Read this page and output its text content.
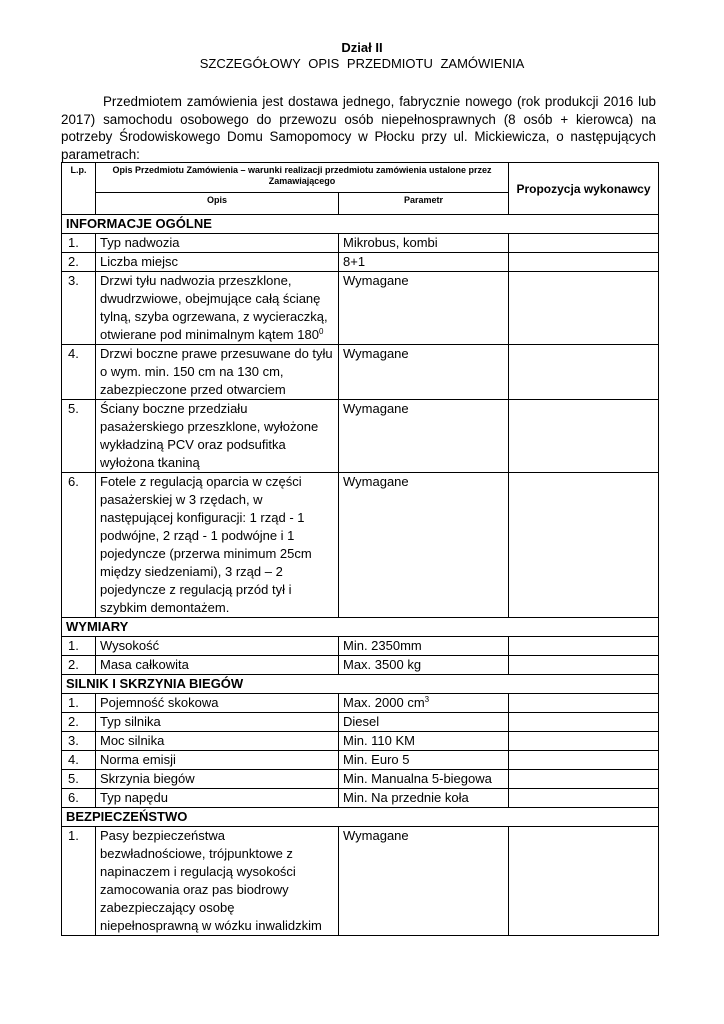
Dział II
SZCZEGÓŁOWY OPIS PRZEDMIOTU ZAMÓWIENIA

Przedmiotem zamówienia jest dostawa jednego, fabrycznie nowego (rok produkcji 2016 lub 2017) samochodu osobowego do przewozu osób niepełnosprawnych (8 osób + kierowca) na potrzeby Środowiskowego Domu Samopomocy w Płocku przy ul. Mickiewicza, o następujących parametrach:

L.p.	Opis Przedmiotu Zamówienia – warunki realizacji przedmiotu zamówienia ustalone przez Zamawiającego		Propozycja wykonawcy
	Opis	Parametr	
INFORMACJE OGÓLNE			
1.	Typ nadwozia	Mikrobus, kombi	
2.	Liczba miejsc	8+1	
3.	Drzwi tyłu nadwozia przeszklone, dwudrzwiowe, obejmujące całą ścianę tylną, szyba ogrzewana, z wycieraczką, otwierane pod minimalnym kątem $180^0$	Wymagane	
4.	Drzwi boczne prawe przesuwane do tyłu o wym. min. 150 cm na 130 cm, zabezpieczone przed otwarciem	Wymagane	
5.	Ściany boczne przedziału pasażerskiego przeszklone, wyłożone wykładziną PCV oraz podsufitka wyłożona tkaniną	Wymagane	
6.	Fotele z regulacją oparcia w części pasażerskiej w 3 rzędach, w następującej konfiguracji: 1 rząd - 1 podwójne, 2 rząd - 1 podwójne i 1 pojedyncze (przerwa minimum 25cm między siedzeniami), 3 rząd – 2 pojedyncze z regulacją przód tył i szybkim demontażem.	Wymagane	
WYMIARY			
1.	Wysokość	Min. 2350mm	
2.	Masa całkowita	Max. 3500 kg	
SILNIK I SKRZYNIA BIEGÓW			
1.	Pojemność skokowa	Max. 2000 $cm^3$	
2.	Typ silnika	Diesel	
3.	Moc silnika	Min. 110 KM	
4.	Norma emisji	Min. Euro 5	
5.	Skrzynia biegów	Min. Manualna 5-biegowa	
6.	Typ napędu	Min. Na przednie koła	
BEZPIECZEŃSTWO			
1.	Pasy bezpieczeństwa bezwładnościowe, trójpunktowe z napinaczem i regulacją wysokości zamocowania oraz pas biodrowy zabezpieczający osobę niepełnosprawną w wózku inwalidzkim	Wymagane	
